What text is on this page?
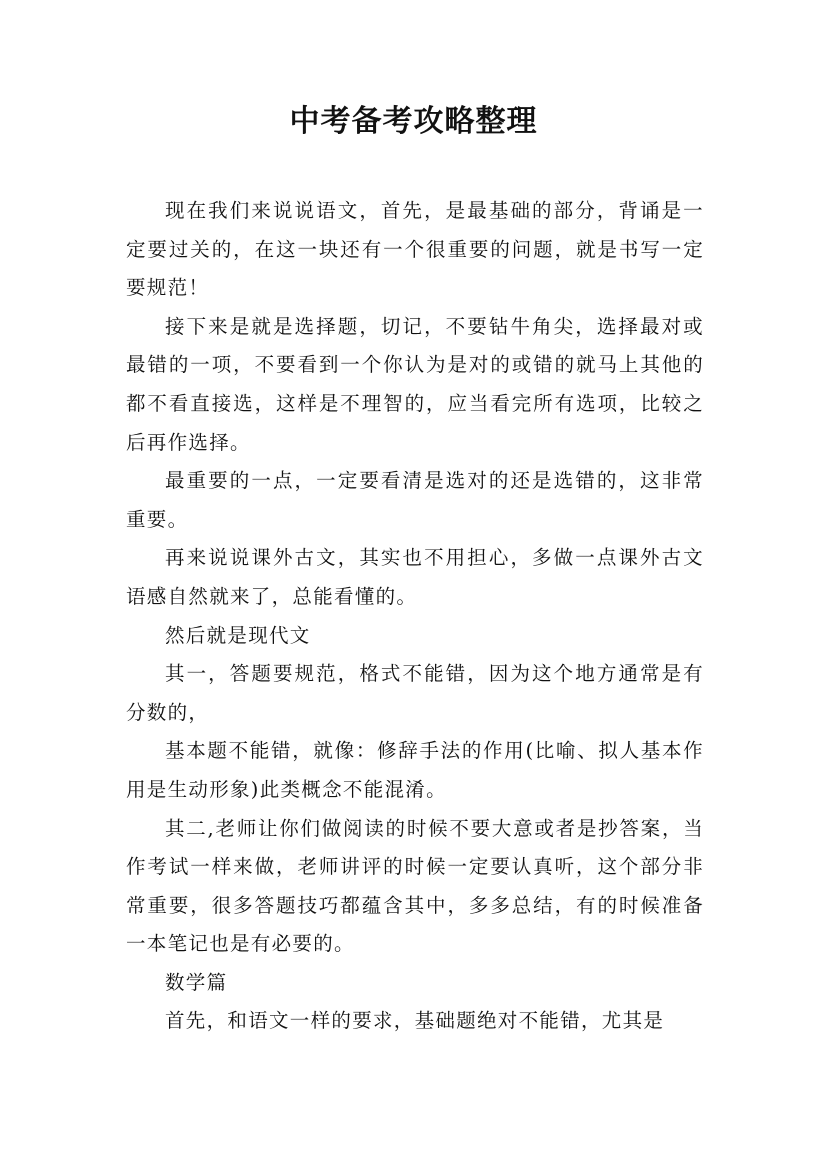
中考备考攻略整理

现在我们来说说语文，首先，是最基础的部分，背诵是一定要过关的，在这一块还有一个很重要的问题，就是书写一定要规范！

接下来是就是选择题，切记，不要钻牛角尖，选择最对或最错的一项，不要看到一个你认为是对的或错的就马上其他的都不看直接选，这样是不理智的，应当看完所有选项，比较之后再作选择。

最重要的一点，一定要看清是选对的还是选错的，这非常重要。

再来说说课外古文，其实也不用担心，多做一点课外古文语感自然就来了，总能看懂的。

然后就是现代文

其一，答题要规范，格式不能错，因为这个地方通常是有分数的，

基本题不能错，就像：修辞手法的作用(比喻、拟人基本作用是生动形象)此类概念不能混淆。

其二,老师让你们做阅读的时候不要大意或者是抄答案，当作考试一样来做，老师讲评的时候一定要认真听，这个部分非常重要，很多答题技巧都蕴含其中，多多总结，有的时候准备一本笔记也是有必要的。

数学篇

首先，和语文一样的要求，基础题绝对不能错，尤其是
